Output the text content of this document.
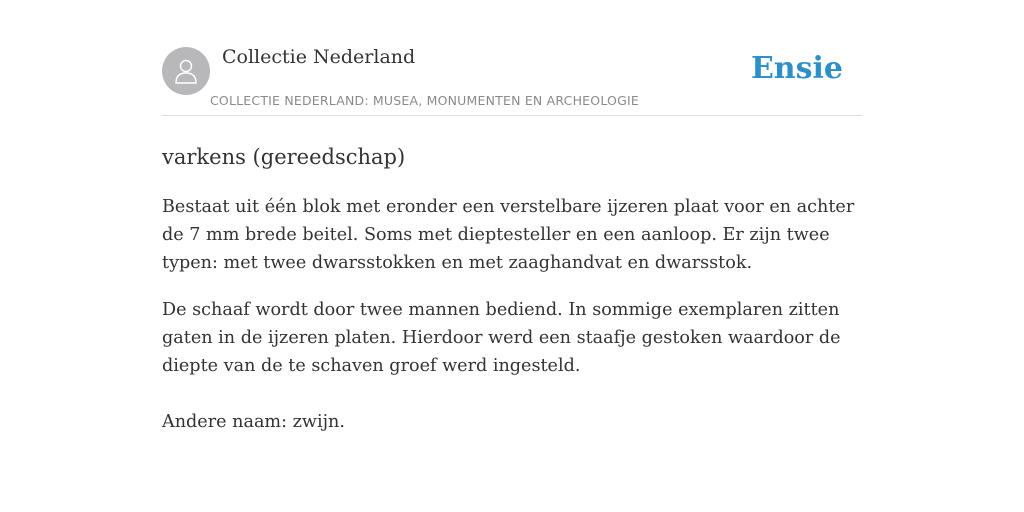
Collectie Nederland
COLLECTIE NEDERLAND: MUSEA, MONUMENTEN EN ARCHEOLOGIE
Ensie
varkens (gereedschap)

Bestaat uit één blok met eronder een verstelbare ijzeren plaat voor en achter de 7 mm brede beitel. Soms met dieptesteller en een aanloop. Er zijn twee typen: met twee dwarsstokken en met zaaghandvat en dwarsstok.

De schaaf wordt door twee mannen bediend. In sommige exemplaren zitten gaten in de ijzeren platen. Hierdoor werd een staafje gestoken waardoor de diepte van de te schaven groef werd ingesteld.

Andere naam: zwijn.
